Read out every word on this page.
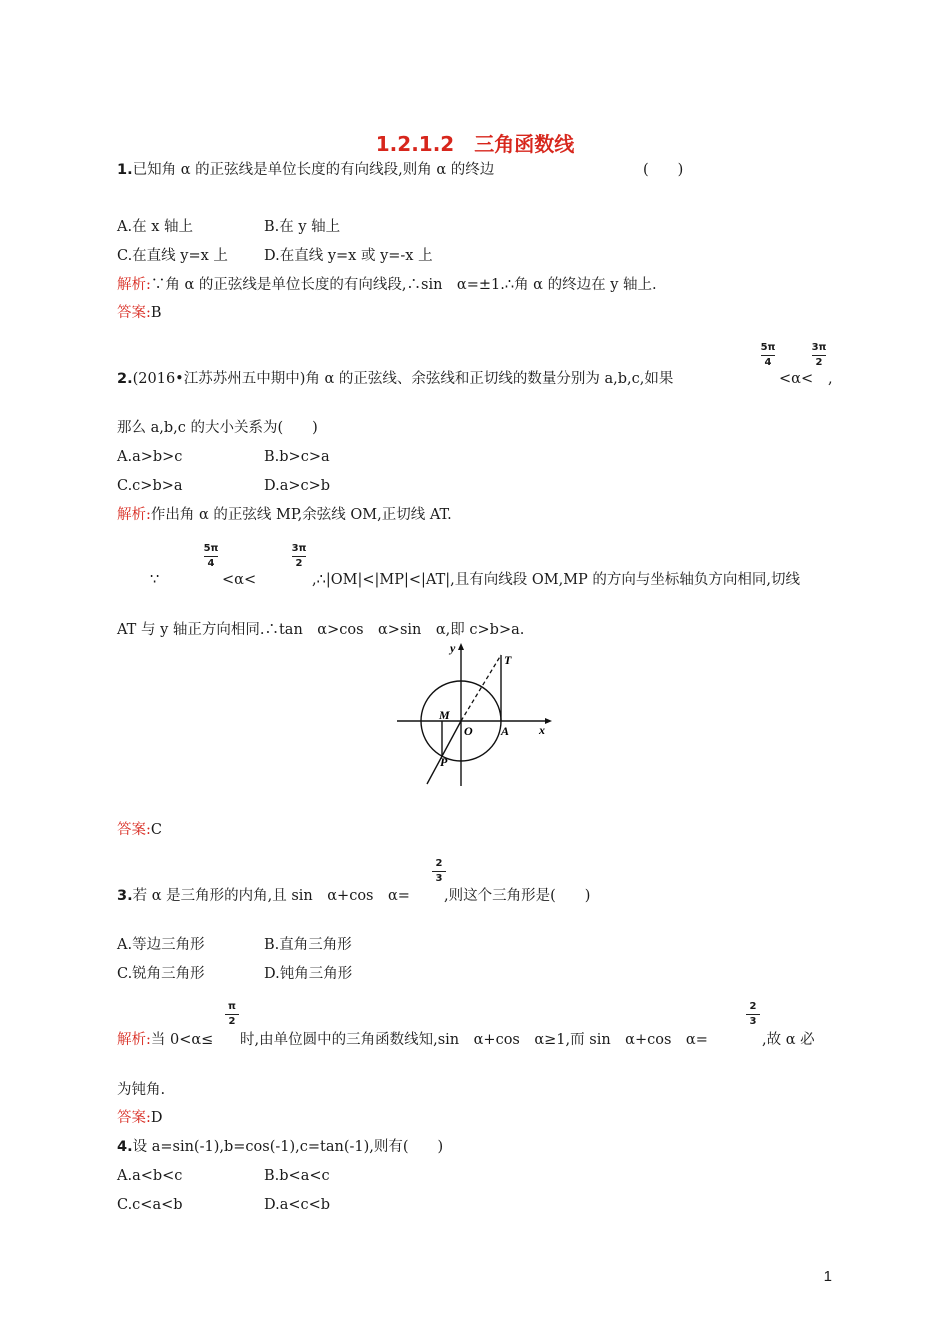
1.2.1.2　三角函数线
1.已知角 α 的正弦线是单位长度的有向线段,则角 α 的终边	(　　)
A.在 x 轴上	B.在 y 轴上
C.在直线 y=x 上 D.在直线 y=x 或 y=-x 上
解析:∵角 α 的正弦线是单位长度的有向线段,∴sin　α=±1.∴角 α 的终边在 y 轴上.
答案:B
2.(2016•江苏苏州五中期中)角 α 的正弦线、余弦线和正切线的数量分别为 a,b,c,如果
5π
4
<α<
3π
2
,
那么 a,b,c 的大小关系为(　　)
A.a>b>c	B.b>c>a
C.c>b>a	D.a>c>b
解析:作出角 α 的正弦线 MP,余弦线 OM,正切线 AT.
∵
5π
4
<α<
3π
2
,∴|OM|<|MP|<|AT|,且有向线段 OM,MP 的方向与坐标轴负方向相同,切线
AT 与 y 轴正方向相同.∴tan　α>cos　α>sin　α,即 c>b>a.
x
y
O A
M
P
T
答案:C
3.若 α 是三角形的内角,且 sin　α+cos　α=
2
3
,则这个三角形是(　　)
A.等边三角形	B.直角三角形
C.锐角三角形	D.钝角三角形
解析:当 0<α≤
π
2
时,由单位圆中的三角函数线知,sin　α+cos　α≥1,而 sin　α+cos　α=
2
3
,故 α 必
为钝角.
答案:D
4.设 a=sin(-1),b=cos(-1),c=tan(-1),则有(　　)
A.a<b<c	B.b<a<c
C.c<a<b	D.a<c<b
1
